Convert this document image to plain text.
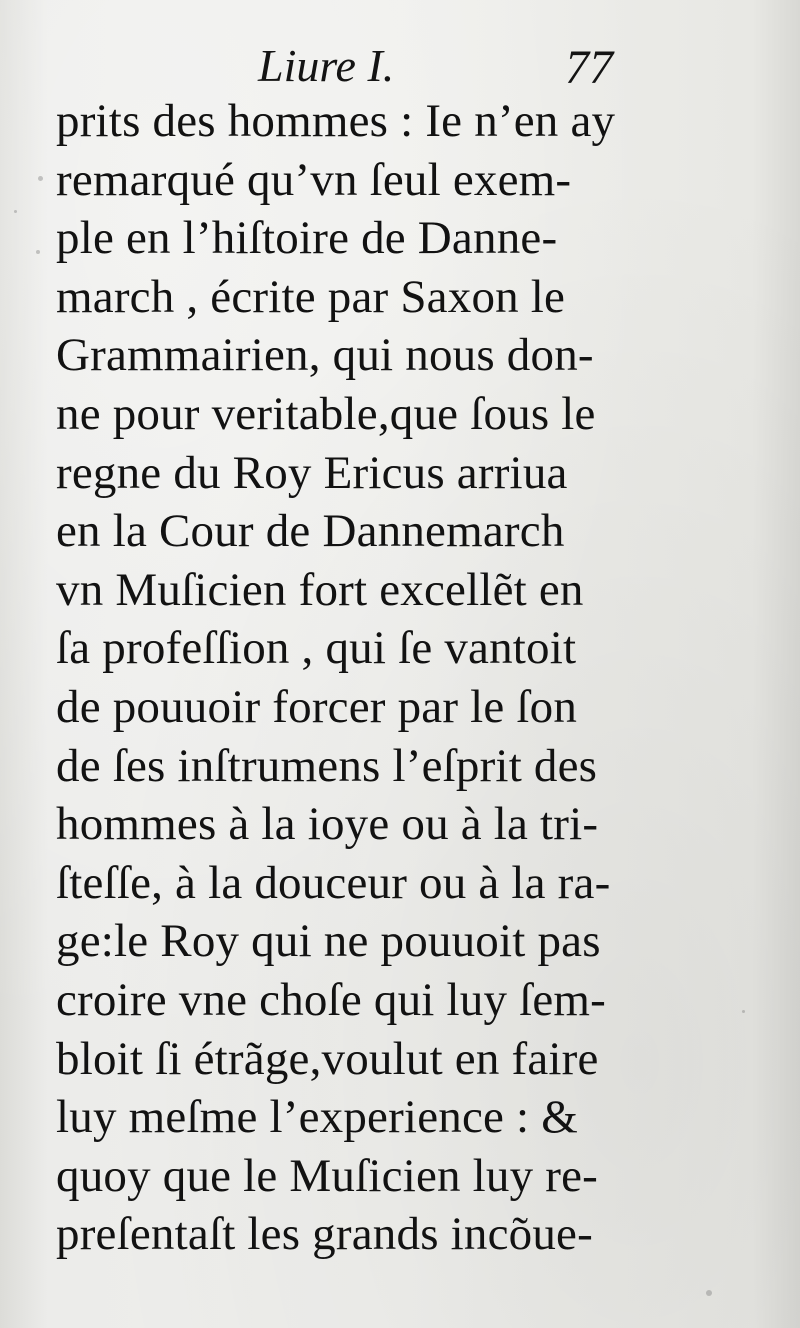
Liure I.	77
prits des hommes : Ie n’en ay
remarqué qu’vn ſeul exem-
ple en l’hiſtoire de Danne-
march , écrite par Saxon le
Grammairien, qui nous don-
ne pour veritable,que ſous le
regne du Roy Ericus arriua
en la Cour de Dannemarch
vn Muſicien fort excellẽt en
ſa profeſſion , qui ſe vantoit
de pouuoir forcer par le ſon
de ſes inſtrumens l’eſprit des
hommes à la ioye ou à la tri-
ſteſſe, à la douceur ou à la ra-
ge:le Roy qui ne pouuoit pas
croire vne choſe qui luy ſem-
bloit ſi étrãge,voulut en faire
luy meſme l’experience : &
quoy que le Muſicien luy re-
preſentaſt les grands incõue-
